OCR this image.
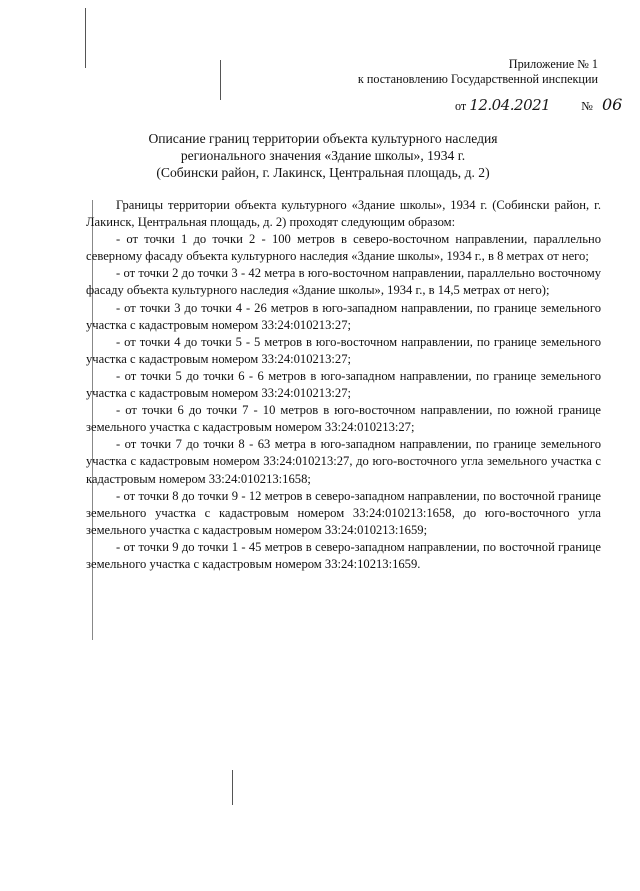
Приложение № 1
к постановлению Государственной инспекции
от 12.04.2021	№ 06
Описание границ территории объекта культурного наследия
регионального значения «Здание школы», 1934 г.
(Собински район, г. Лакинск, Центральная площадь, д. 2)

Границы территории объекта культурного «Здание школы», 1934 г. (Собински район, г. Лакинск, Центральная площадь, д. 2) проходят следующим образом:

- от точки 1 до точки 2 - 100 метров в северо-восточном направлении, параллельно северному фасаду объекта культурного наследия «Здание школы», 1934 г., в 8 метрах от него;

- от точки 2 до точки 3 - 42 метра в юго-восточном направлении, параллельно восточному фасаду объекта культурного наследия «Здание школы», 1934 г., в 14,5 метрах от него);

- от точки 3 до точки 4 - 26 метров в юго-западном направлении, по границе земельного участка с кадастровым номером 33:24:010213:27;

- от точки 4 до точки 5 - 5 метров в юго-восточном направлении, по границе земельного участка с кадастровым номером 33:24:010213:27;

- от точки 5 до точки 6 - 6 метров в юго-западном направлении, по границе земельного участка с кадастровым номером 33:24:010213:27;

- от точки 6 до точки 7 - 10 метров в юго-восточном направлении, по южной границе земельного участка с кадастровым номером 33:24:010213:27;

- от точки 7 до точки 8 - 63 метра в юго-западном направлении, по границе земельного участка с кадастровым номером 33:24:010213:27, до юго-восточного угла земельного участка с кадастровым номером 33:24:010213:1658;

- от точки 8 до точки 9 - 12 метров в северо-западном направлении, по восточной границе земельного участка с кадастровым номером 33:24:010213:1658, до юго-восточного угла земельного участка с кадастровым номером 33:24:010213:1659;

- от точки 9 до точки 1 - 45 метров в северо-западном направлении, по восточной границе земельного участка с кадастровым номером 33:24:10213:1659.
